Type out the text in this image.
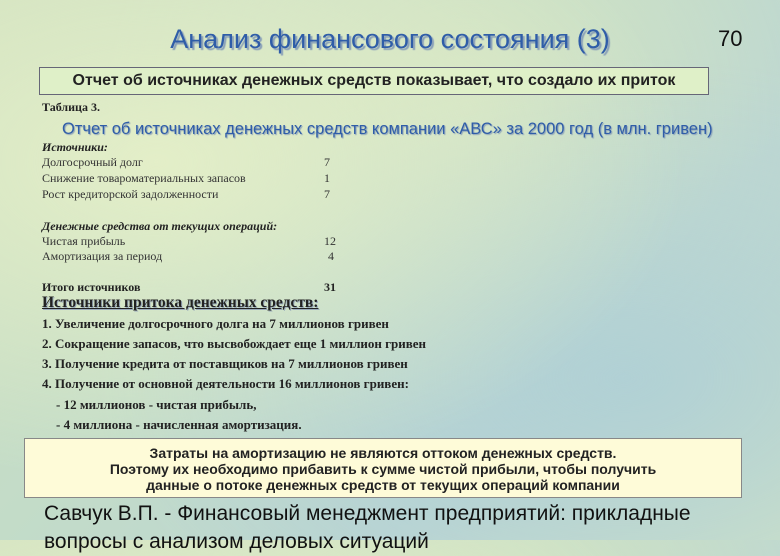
Анализ финансового состояния (3)	70
Отчет об источниках денежных средств показывает, что создало их приток
Таблица 3.
Отчет об источниках денежных средств компании «АВС» за 2000 год (в млн. гривен)
Источники:
Долгосрочный долг	7
Снижение товароматериальных запасов	1
Рост кредиторской задолженности	7
Денежные средства от текущих операций:
Чистая прибыль	12
Амортизация за период	4
Итого источников	31
Источники притока денежных средств:
1. Увеличение долгосрочного долга на 7 миллионов гривен
2. Сокращение запасов, что высвобождает еще 1 миллион гривен
3. Получение кредита от поставщиков на 7 миллионов гривен
4. Получение от основной деятельности 16 миллионов гривен:
- 12 миллионов - чистая прибыль,
- 4 миллиона - начисленная амортизация.
Затраты на амортизацию не являются оттоком денежных средств.
Поэтому их необходимо прибавить к сумме чистой прибыли, чтобы получить
данные о потоке денежных средств от текущих операций компании
Савчук В.П. - Финансовый менеджмент предприятий: прикладные вопросы с анализом деловых ситуаций
